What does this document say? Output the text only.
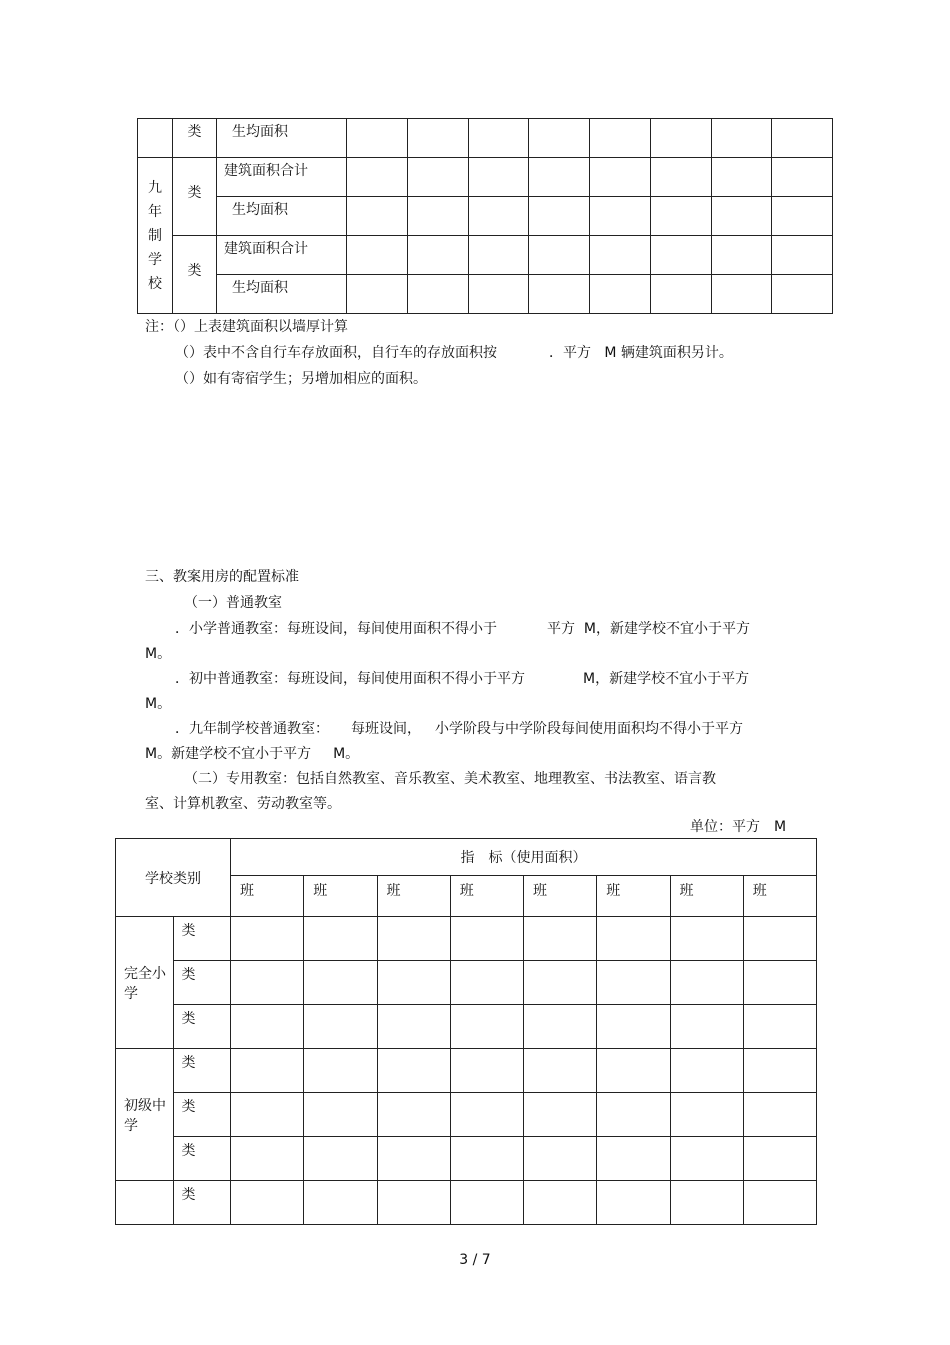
	类	生均面积								

九
年
制
学
校	类	建筑面积合计								

		生均面积								

	类	建筑面积合计								

		生均面积								

注：（）上表建筑面积以墙厚计算
（）表中不含自行车存放面积，自行车的存放面积按	．平方 M 辆建筑面积另计。
（）如有寄宿学生；另增加相应的面积。
三、教案用房的配置标准
（一）普通教室
．小学普通教室：每班设间，每间使用面积不得小于	平方 M，新建学校不宜小于平方
M。
．初中普通教室：每班设间，每间使用面积不得小于平方	M，新建学校不宜小于平方
M。
．九年制学校普通教室： 每班设间， 小学阶段与中学阶段每间使用面积均不得小于平方
M。新建学校不宜小于平方 M。
（二）专用教室：包括自然教室、音乐教室、美术教室、地理教室、书法教室、语言教
室、计算机教室、劳动教室等。
单位：平方　M
学校类别		指　标（使用面积）							
		班	班	班	班	班	班	班	班
完全小学	类								
	类								
	类								
初级中学	类								
	类								
	类								
	类								
3 / 7
